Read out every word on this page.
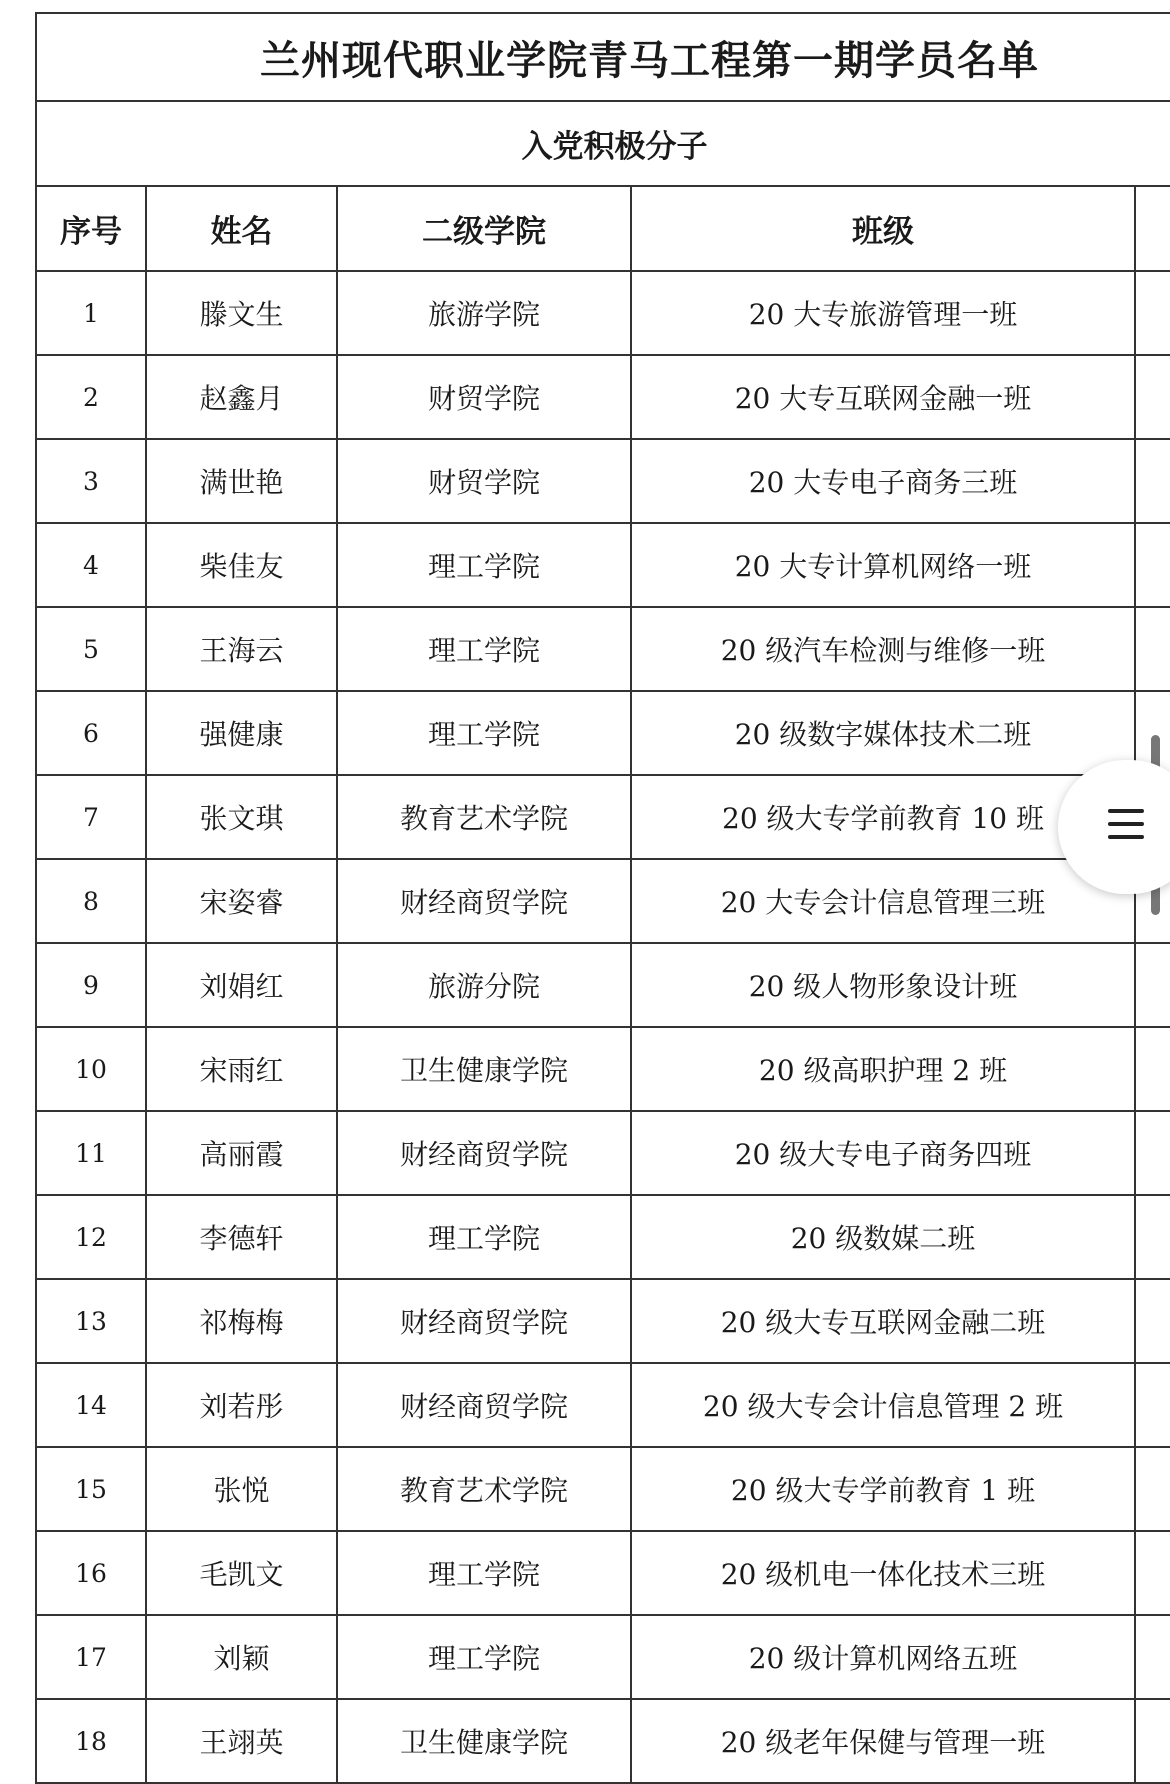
兰州现代职业学院青马工程第一期学员名单
入党积极分子
序号	姓名	二级学院	班级
1	滕文生	旅游学院	20 大专旅游管理一班
2	赵鑫月	财贸学院	20 大专互联网金融一班
3	满世艳	财贸学院	20 大专电子商务三班
4	柴佳友	理工学院	20 大专计算机网络一班
5	王海云	理工学院	20 级汽车检测与维修一班
6	强健康	理工学院	20 级数字媒体技术二班
7	张文琪	教育艺术学院	20 级大专学前教育 10 班
8	宋姿睿	财经商贸学院	20 大专会计信息管理三班
9	刘娟红	旅游分院	20 级人物形象设计班
10	宋雨红	卫生健康学院	20 级高职护理 2 班
11	高丽霞	财经商贸学院	20 级大专电子商务四班
12	李德轩	理工学院	20 级数媒二班
13	祁梅梅	财经商贸学院	20 级大专互联网金融二班
14	刘若彤	财经商贸学院	20 级大专会计信息管理 2 班
15	张悦	教育艺术学院	20 级大专学前教育 1 班
16	毛凯文	理工学院	20 级机电一体化技术三班
17	刘颖	理工学院	20 级计算机网络五班
18	王翊英	卫生健康学院	20 级老年保健与管理一班
